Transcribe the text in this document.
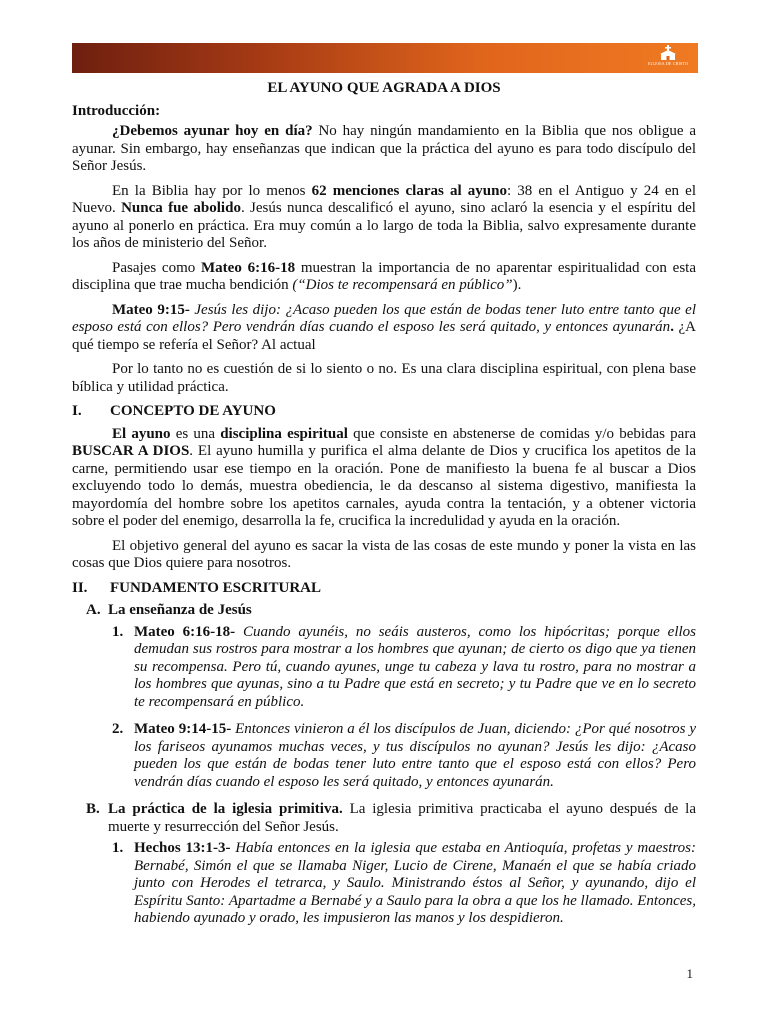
IGLESIA DE CRISTO
EL AYUNO QUE AGRADA A DIOS
Introducción:

¿Debemos ayunar hoy en día? No hay ningún mandamiento en la Biblia que nos obligue a ayunar. Sin embargo, hay enseñanzas que indican que la práctica del ayuno es para todo discípulo del Señor Jesús.

En la Biblia hay por lo menos 62 menciones claras al ayuno: 38 en el Antiguo y 24 en el Nuevo. Nunca fue abolido. Jesús nunca descalificó el ayuno, sino aclaró la esencia y el espíritu del ayuno al ponerlo en práctica. Era muy común a lo largo de toda la Biblia, salvo expresamente durante los años de ministerio del Señor.

Pasajes como Mateo 6:16-18 muestran la importancia de no aparentar espiritualidad con esta disciplina que trae mucha bendición (“Dios te recompensará en público”).

Mateo 9:15- Jesús les dijo: ¿Acaso pueden los que están de bodas tener luto entre tanto que el esposo está con ellos? Pero vendrán días cuando el esposo les será quitado, y entonces ayunarán. ¿A qué tiempo se refería el Señor? Al actual

Por lo tanto no es cuestión de si lo siento o no. Es una clara disciplina espiritual, con plena base bíblica y utilidad práctica.

I.	CONCEPTO DE AYUNO

El ayuno es una disciplina espiritual que consiste en abstenerse de comidas y/o bebidas para BUSCAR A DIOS. El ayuno humilla y purifica el alma delante de Dios y crucifica los apetitos de la carne, permitiendo usar ese tiempo en la oración. Pone de manifiesto la buena fe al buscar a Dios excluyendo todo lo demás, muestra obediencia, le da descanso al sistema digestivo, manifiesta la mayordomía del hombre sobre los apetitos carnales, ayuda contra la tentación, y a obtener victoria sobre el poder del enemigo, desarrolla la fe, crucifica la incredulidad y ayuda en la oración.

El objetivo general del ayuno es sacar la vista de las cosas de este mundo y poner la vista en las cosas que Dios quiere para nosotros.

II.	FUNDAMENTO ESCRITURAL
A. La enseñanza de Jesús
1. Mateo 6:16-18- Cuando ayunéis, no seáis austeros, como los hipócritas; porque ellos demudan sus rostros para mostrar a los hombres que ayunan; de cierto os digo que ya tienen su recompensa. Pero tú, cuando ayunes, unge tu cabeza y lava tu rostro, para no mostrar a los hombres que ayunas, sino a tu Padre que está en secreto; y tu Padre que ve en lo secreto te recompensará en público.
2. Mateo 9:14-15- Entonces vinieron a él los discípulos de Juan, diciendo: ¿Por qué nosotros y los fariseos ayunamos muchas veces, y tus discípulos no ayunan? Jesús les dijo: ¿Acaso pueden los que están de bodas tener luto entre tanto que el esposo está con ellos? Pero vendrán días cuando el esposo les será quitado, y entonces ayunarán.
B. La práctica de la iglesia primitiva. La iglesia primitiva practicaba el ayuno después de la muerte y resurrección del Señor Jesús.
1. Hechos 13:1-3- Había entonces en la iglesia que estaba en Antioquía, profetas y maestros: Bernabé, Simón el que se llamaba Niger, Lucio de Cirene, Manaén el que se había criado junto con Herodes el tetrarca, y Saulo. Ministrando éstos al Señor, y ayunando, dijo el Espíritu Santo: Apartadme a Bernabé y a Saulo para la obra a que los he llamado. Entonces, habiendo ayunado y orado, les impusieron las manos y los despidieron.
1
